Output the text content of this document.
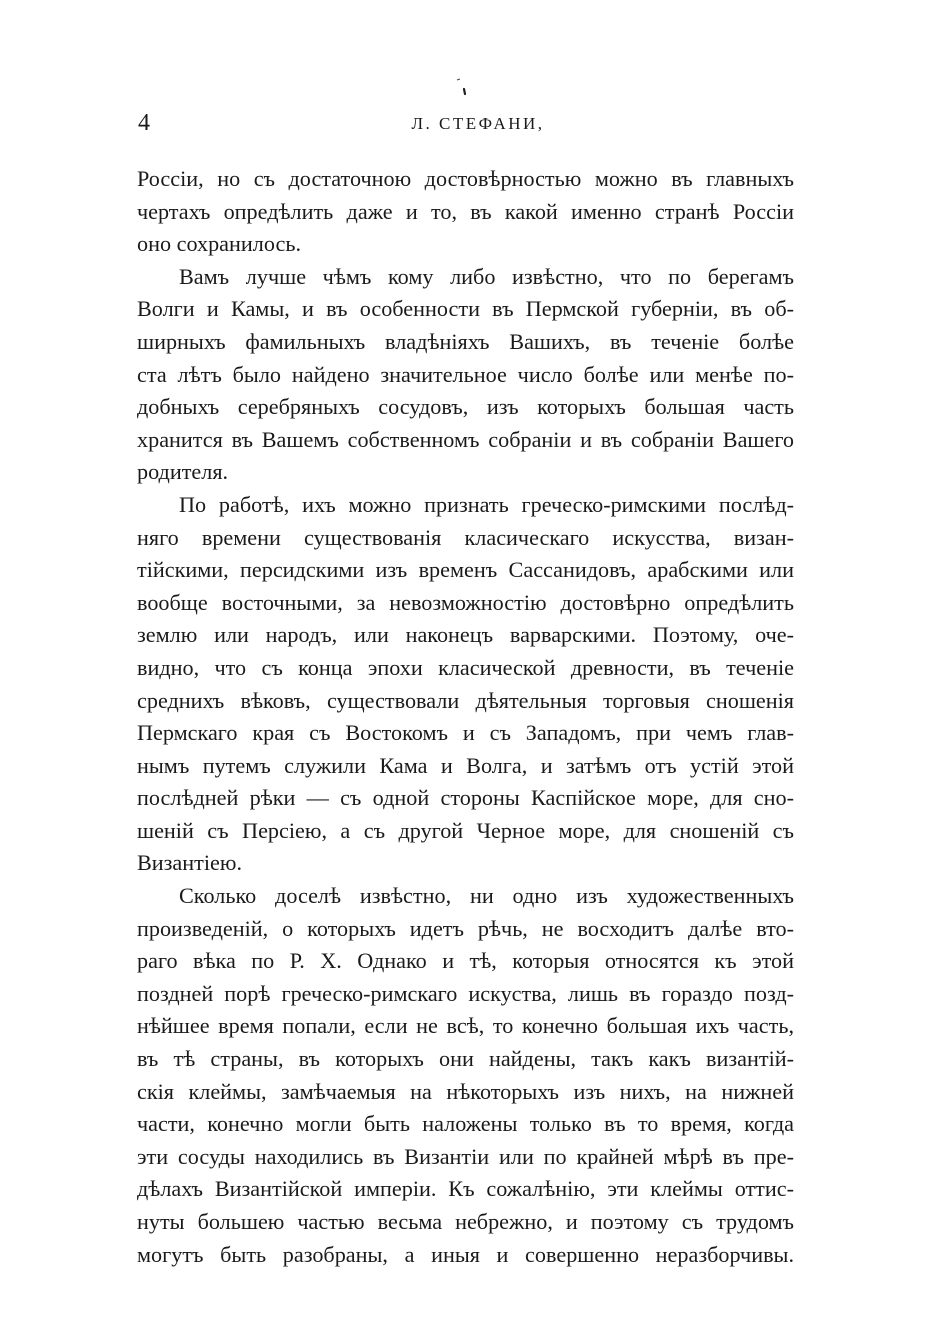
4	Л. СТЕФАНИ,
Россіи, но съ достаточною достовѣрностью можно въ главныхъ
чертахъ опредѣлить даже и то, въ какой именно странѣ Россіи
оно сохранилось.
Вамъ лучше чѣмъ кому либо извѣстно, что по берегамъ
Волги и Камы, и въ особенности въ Пермской губерніи, въ об-
ширныхъ фамильныхъ владѣніяхъ Вашихъ, въ теченіе болѣе
ста лѣтъ было найдено значительное число болѣе или менѣе по-
добныхъ серебряныхъ сосудовъ, изъ которыхъ большая часть
хранится въ Вашемъ собственномъ собраніи и въ собраніи Вашего
родителя.
По работѣ, ихъ можно признать греческо-римскими послѣд-
няго времени существованія класическаго искусства, визан-
тійскими, персидскими изъ временъ Сассанидовъ, арабскими или
вообще восточными, за невозможностію достовѣрно опредѣлить
землю или народъ, или наконецъ варварскими. Поэтому, оче-
видно, что съ конца эпохи класической древности, въ теченіе
среднихъ вѣковъ, существовали дѣятельныя торговыя сношенія
Пермскаго края съ Востокомъ и съ Западомъ, при чемъ глав-
нымъ путемъ служили Кама и Волга, и затѣмъ отъ устій этой
послѣдней рѣки — съ одной стороны Каспійское море, для сно-
шеній съ Персіею, а съ другой Черное море, для сношеній съ
Византіею.
Сколько доселѣ извѣстно, ни одно изъ художественныхъ
произведеній, о которыхъ идетъ рѣчь, не восходитъ далѣе вто-
раго вѣка по Р. Х. Однако и тѣ, которыя относятся къ этой
поздней порѣ греческо-римскаго искуства, лишь въ гораздо позд-
нѣйшее время попали, если не всѣ, то конечно большая ихъ часть,
въ тѣ страны, въ которыхъ они найдены, такъ какъ византій-
скія клеймы, замѣчаемыя на нѣкоторыхъ изъ нихъ, на нижней
части, конечно могли быть наложены только въ то время, когда
эти сосуды находились въ Византіи или по крайней мѣрѣ въ пре-
дѣлахъ Византійской имперіи. Къ сожалѣнію, эти клеймы оттис-
нуты большею частью весьма небрежно, и поэтому съ трудомъ
могутъ быть разобраны, а иныя и совершенно неразборчивы.
